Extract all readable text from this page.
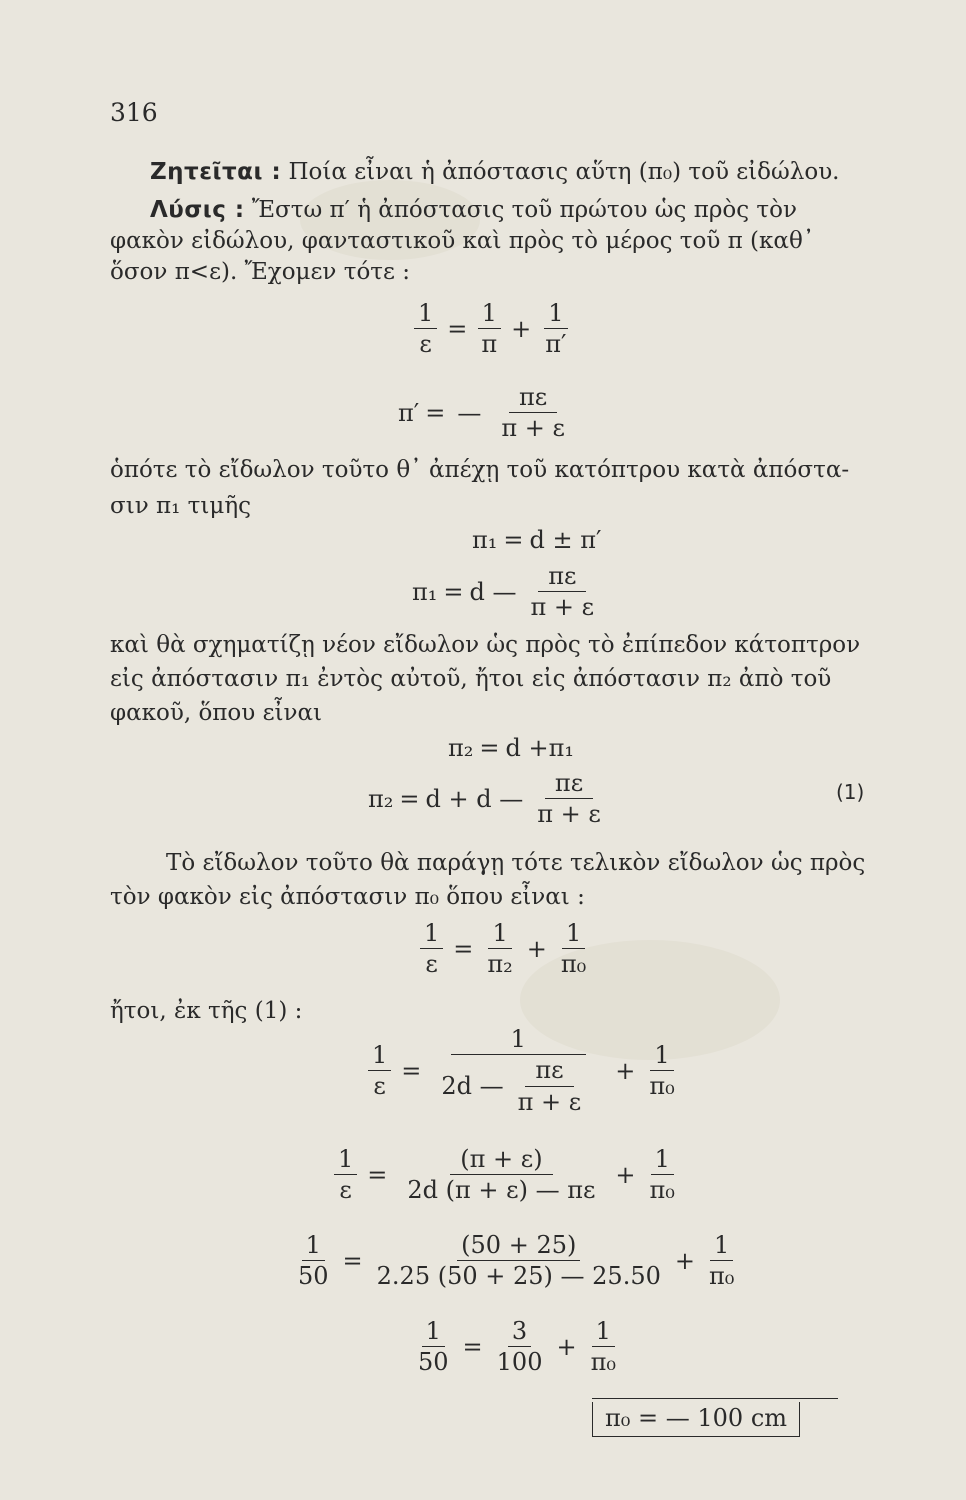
316
Ζητεῖται : Ποία εἶναι ἡ ἀπόστασις αὕτη (π₀) τοῦ εἰδώλου.
Λύσις : Ἔστω π′ ἡ ἀπόστασις τοῦ πρώτου ὡς πρὸς τὸν
φακὸν εἰδώλου, φανταστικοῦ καὶ πρὸς τὸ μέρος τοῦ π (καθ᾽
ὅσον π<ε). Ἔχομεν τότε :
$\frac{1}{\varepsilon} = \frac{1}{\pi} + \frac{1}{\pi'}$
π′ = — $\frac{\pi\varepsilon}{\pi + \varepsilon}$
ὁπότε τὸ εἴδωλον τοῦτο θ᾽ ἀπέχῃ τοῦ κατόπτρου κατὰ ἀπόστα-
σιν π₁ τιμῆς
π₁ = d ± π′
π₁ = d — $\frac{\pi\varepsilon}{\pi + \varepsilon}$
καὶ θὰ σχηματίζῃ νέον εἴδωλον ὡς πρὸς τὸ ἐπίπεδον κάτοπτρον
εἰς ἀπόστασιν π₁ ἐντὸς αὐτοῦ, ἤτοι εἰς ἀπόστασιν π₂ ἀπὸ τοῦ
φακοῦ, ὅπου εἶναι
π₂ = d + π₁
π₂ = d + d — $\frac{\pi\varepsilon}{\pi + \varepsilon}$	(1)
Τὸ εἴδωλον τοῦτο θὰ παράγῃ τότε τελικὸν εἴδωλον ὡς πρὸς
τὸν φακὸν εἰς ἀπόστασιν π₀ ὅπου εἶναι :
$\frac{1}{\varepsilon} = \frac{1}{\text{π₂}} + \frac{1}{\text{π₀}}$
ἤτοι, ἐκ τῆς (1) :
$\frac{1}{\varepsilon} = \frac{1}{2d — \frac{\pi\varepsilon}{\pi + \varepsilon}} + \frac{1}{\text{π₀}}$
$\frac{1}{\varepsilon} = \frac{(\pi + \varepsilon)}{2d (\pi + \varepsilon) — \pi\varepsilon} + \frac{1}{\text{π₀}}$
$\frac{1}{50} = \frac{(50 + 25)}{2.25 (50 + 25) — 25.50} + \frac{1}{\text{π₀}}$
$\frac{1}{50} = \frac{3}{100} + \frac{1}{\text{π₀}}$
π₀ = — 100 cm
